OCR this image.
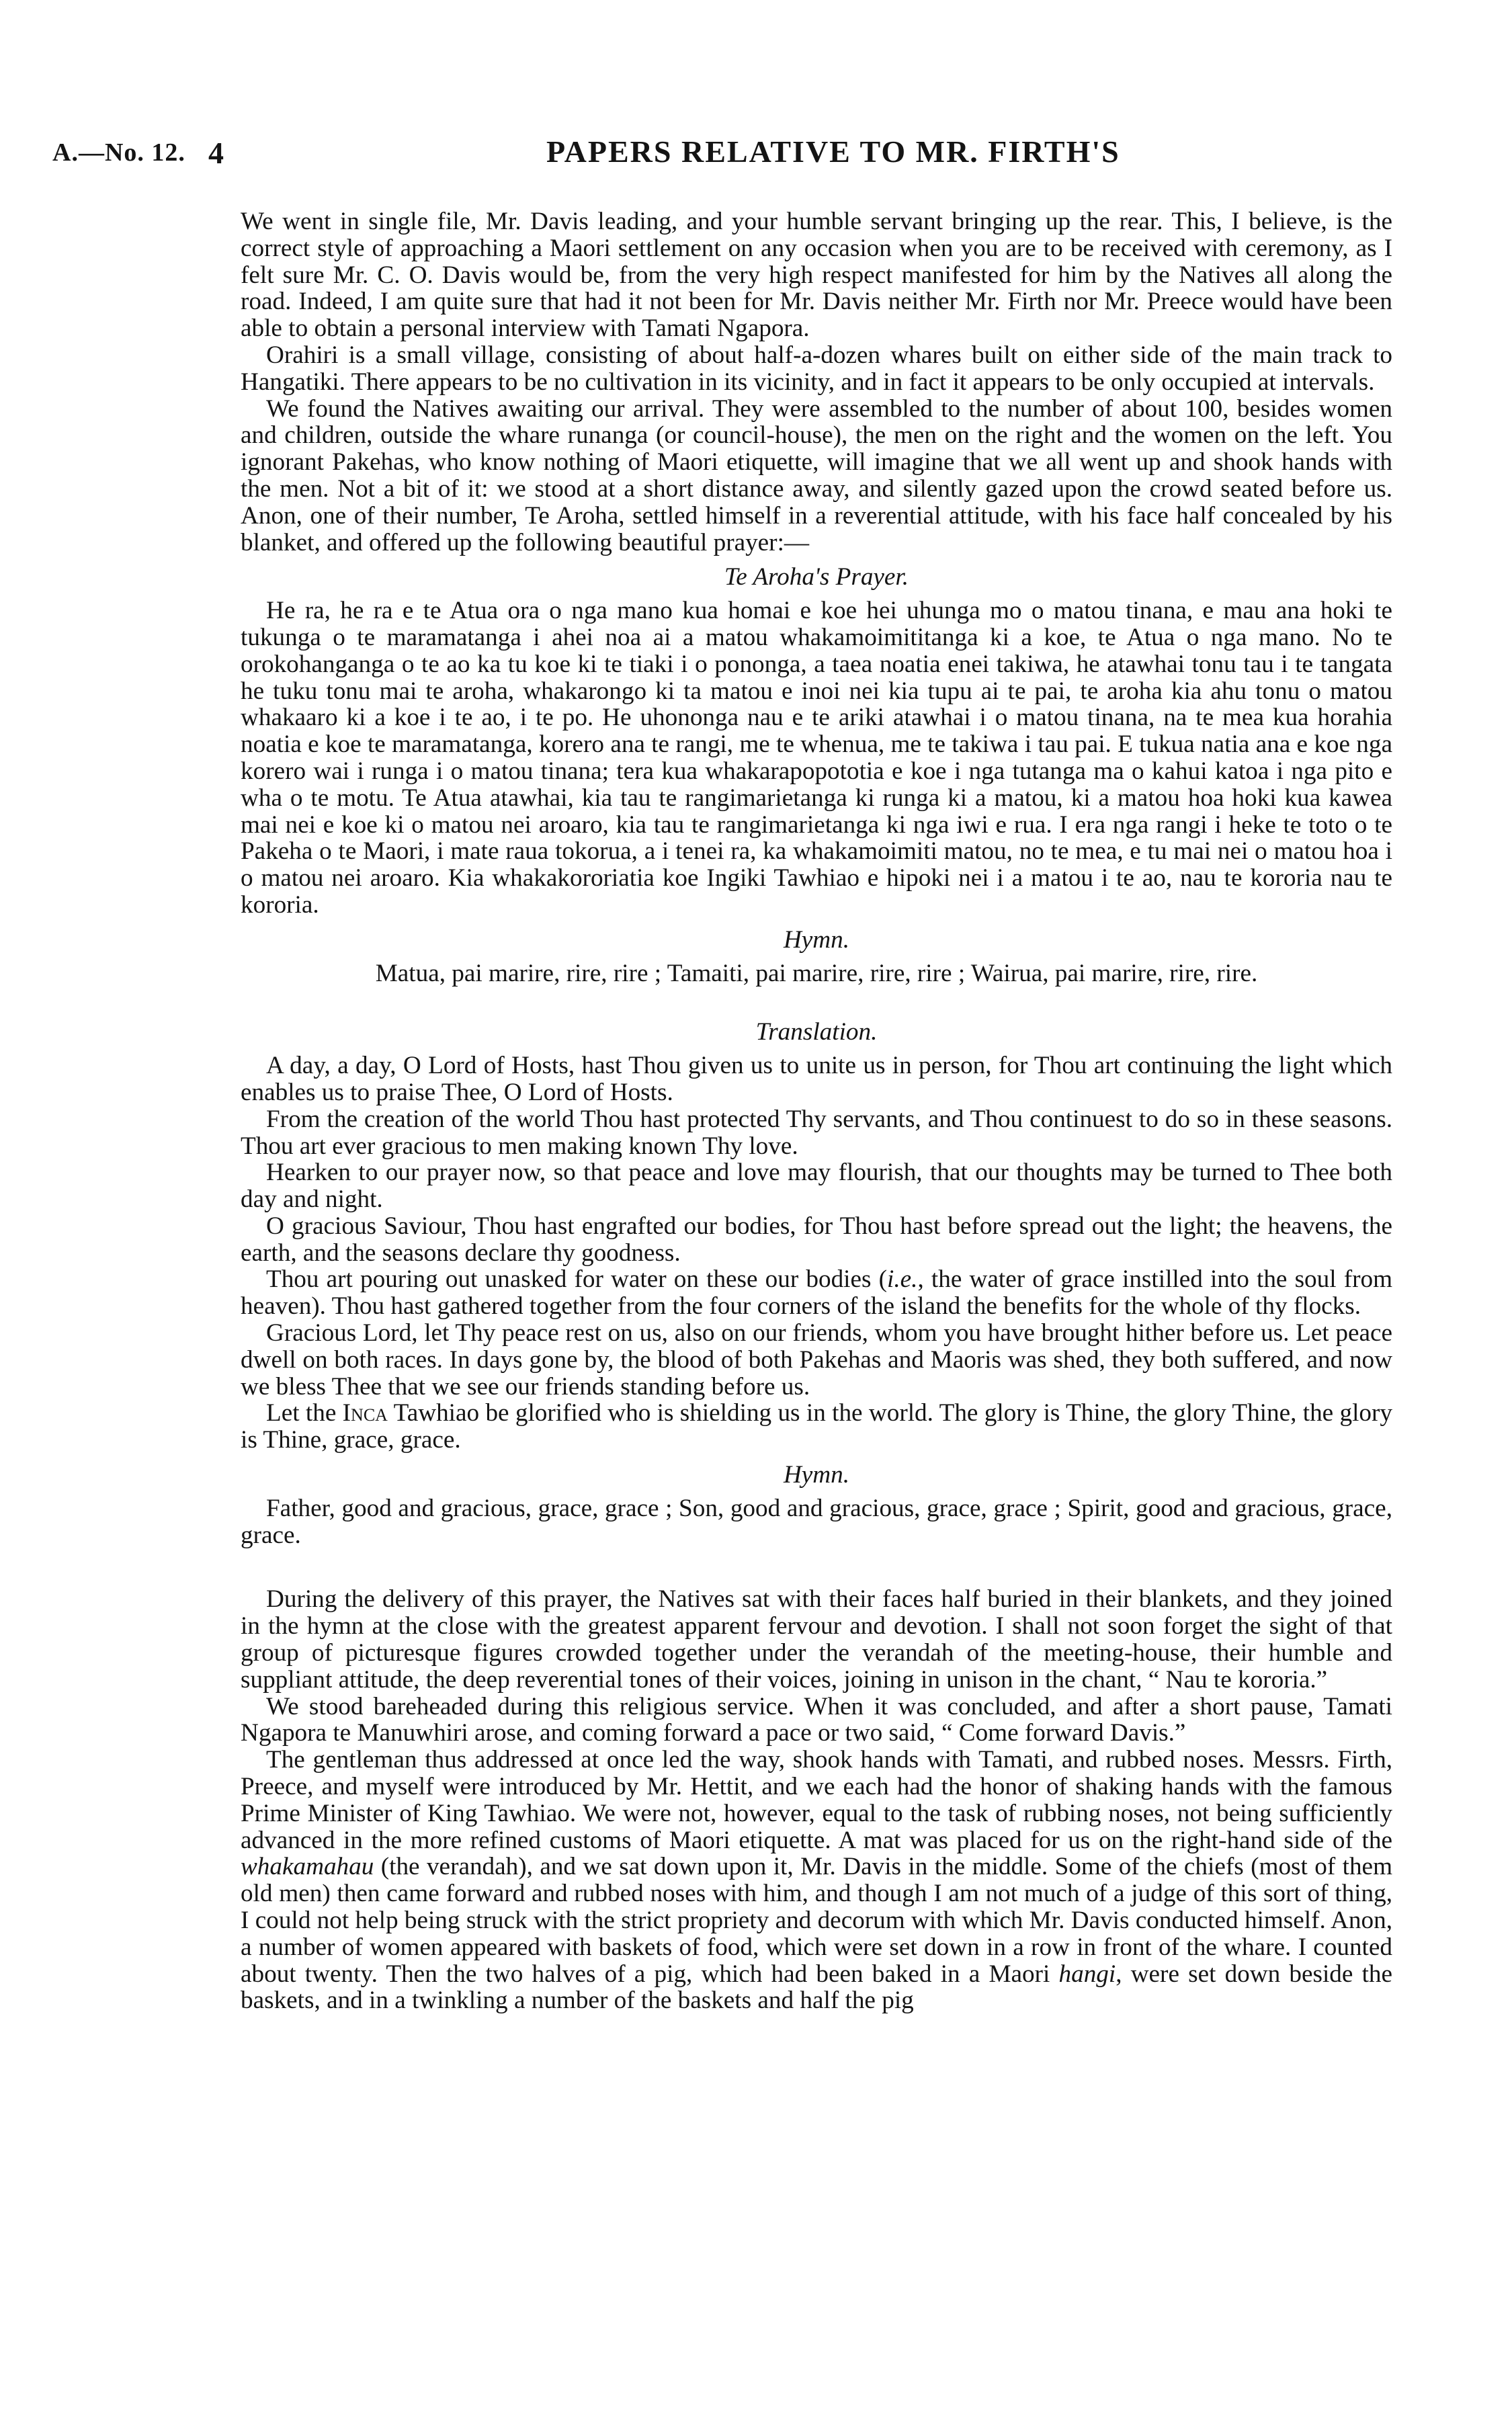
A.—No. 12. 4	PAPERS RELATIVE TO MR. FIRTH'S

We went in single file, Mr. Davis leading, and your humble servant bringing up the rear. This, I believe, is the correct style of approaching a Maori settlement on any occasion when you are to be received with ceremony, as I felt sure Mr. C. O. Davis would be, from the very high respect manifested for him by the Natives all along the road. Indeed, I am quite sure that had it not been for Mr. Davis neither Mr. Firth nor Mr. Preece would have been able to obtain a personal interview with Tamati Ngapora.

Orahiri is a small village, consisting of about half-a-dozen whares built on either side of the main track to Hangatiki. There appears to be no cultivation in its vicinity, and in fact it appears to be only occupied at intervals.

We found the Natives awaiting our arrival. They were assembled to the number of about 100, besides women and children, outside the whare runanga (or council-house), the men on the right and the women on the left. You ignorant Pakehas, who know nothing of Maori etiquette, will imagine that we all went up and shook hands with the men. Not a bit of it: we stood at a short distance away, and silently gazed upon the crowd seated before us. Anon, one of their number, Te Aroha, settled himself in a reverential attitude, with his face half concealed by his blanket, and offered up the following beautiful prayer:—

Te Aroha's Prayer.

He ra, he ra e te Atua ora o nga mano kua homai e koe hei uhunga mo o matou tinana, e mau ana hoki te tukunga o te maramatanga i ahei noa ai a matou whakamoimititanga ki a koe, te Atua o nga mano. No te orokohanganga o te ao ka tu koe ki te tiaki i o pononga, a taea noatia enei takiwa, he atawhai tonu tau i te tangata he tuku tonu mai te aroha, whakarongo ki ta matou e inoi nei kia tupu ai te pai, te aroha kia ahu tonu o matou whakaaro ki a koe i te ao, i te po. He uhononga nau e te ariki atawhai i o matou tinana, na te mea kua horahia noatia e koe te maramatanga, korero ana te rangi, me te whenua, me te takiwa i tau pai. E tukua natia ana e koe nga korero wai i runga i o matou tinana; tera kua whakarapopototia e koe i nga tutanga ma o kahui katoa i nga pito e wha o te motu. Te Atua atawhai, kia tau te rangimarietanga ki runga ki a matou, ki a matou hoa hoki kua kawea mai nei e koe ki o matou nei aroaro, kia tau te rangimarietanga ki nga iwi e rua. I era nga rangi i heke te toto o te Pakeha o te Maori, i mate raua tokorua, a i tenei ra, ka whakamoimiti matou, no te mea, e tu mai nei o matou hoa i o matou nei aroaro. Kia whakakororiatia koe Ingiki Tawhiao e hipoki nei i a matou i te ao, nau te kororia nau te kororia.

Hymn.

Matua, pai marire, rire, rire ; Tamaiti, pai marire, rire, rire ; Wairua, pai marire, rire, rire.

Translation.

A day, a day, O Lord of Hosts, hast Thou given us to unite us in person, for Thou art continuing the light which enables us to praise Thee, O Lord of Hosts.

From the creation of the world Thou hast protected Thy servants, and Thou continuest to do so in these seasons. Thou art ever gracious to men making known Thy love.

Hearken to our prayer now, so that peace and love may flourish, that our thoughts may be turned to Thee both day and night.

O gracious Saviour, Thou hast engrafted our bodies, for Thou hast before spread out the light; the heavens, the earth, and the seasons declare thy goodness.

Thou art pouring out unasked for water on these our bodies (i.e., the water of grace instilled into the soul from heaven). Thou hast gathered together from the four corners of the island the benefits for the whole of thy flocks.

Gracious Lord, let Thy peace rest on us, also on our friends, whom you have brought hither before us. Let peace dwell on both races. In days gone by, the blood of both Pakehas and Maoris was shed, they both suffered, and now we bless Thee that we see our friends standing before us.

Let the Inca Tawhiao be glorified who is shielding us in the world. The glory is Thine, the glory Thine, the glory is Thine, grace, grace.

Hymn.

Father, good and gracious, grace, grace ; Son, good and gracious, grace, grace ; Spirit, good and gracious, grace, grace.

During the delivery of this prayer, the Natives sat with their faces half buried in their blankets, and they joined in the hymn at the close with the greatest apparent fervour and devotion. I shall not soon forget the sight of that group of picturesque figures crowded together under the verandah of the meeting-house, their humble and suppliant attitude, the deep reverential tones of their voices, joining in unison in the chant, “ Nau te kororia.”

We stood bareheaded during this religious service. When it was concluded, and after a short pause, Tamati Ngapora te Manuwhiri arose, and coming forward a pace or two said, “ Come forward Davis.”

The gentleman thus addressed at once led the way, shook hands with Tamati, and rubbed noses. Messrs. Firth, Preece, and myself were introduced by Mr. Hettit, and we each had the honor of shaking hands with the famous Prime Minister of King Tawhiao. We were not, however, equal to the task of rubbing noses, not being sufficiently advanced in the more refined customs of Maori etiquette. A mat was placed for us on the right-hand side of the whakamahau (the verandah), and we sat down upon it, Mr. Davis in the middle. Some of the chiefs (most of them old men) then came forward and rubbed noses with him, and though I am not much of a judge of this sort of thing, I could not help being struck with the strict propriety and decorum with which Mr. Davis conducted himself. Anon, a number of women appeared with baskets of food, which were set down in a row in front of the whare. I counted about twenty. Then the two halves of a pig, which had been baked in a Maori hangi, were set down beside the baskets, and in a twinkling a number of the baskets and half the pig
